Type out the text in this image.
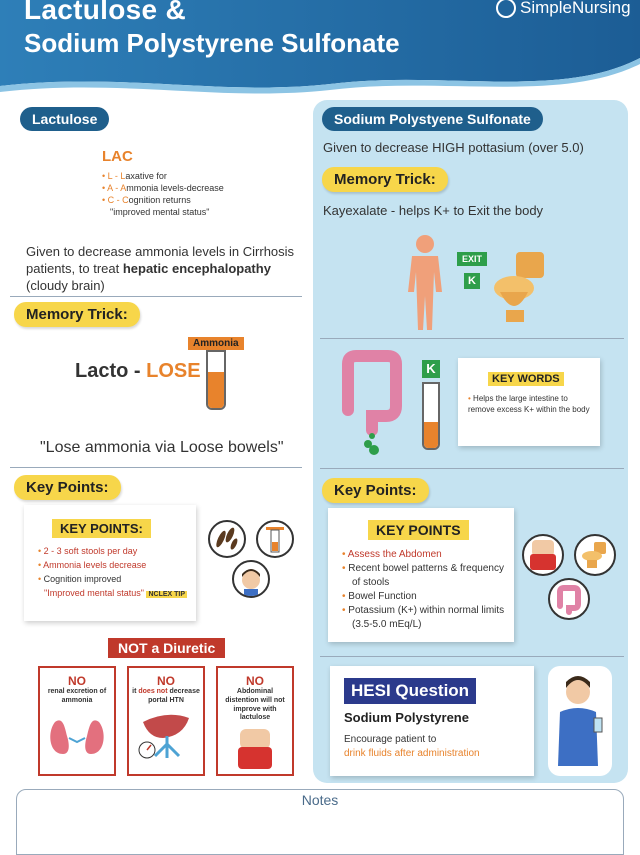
Lactulose &
Sodium Polystyrene Sulfonate
SimpleNursing
Lactulose
LAC
• L - Laxative for
• A - Ammonia levels-decrease
• C - Cognition returns
"improved mental status"
Given to decrease ammonia levels in Cirrhosis patients, to treat hepatic encephalopathy (cloudy brain)
Memory Trick:
Lacto - LOSE
Ammonia
"Lose ammonia via Loose bowels"
Key Points:
KEY POINTS:
• 2 - 3 soft stools per day
• Ammonia levels decrease
• Cognition improved
"Improved mental status" NCLEX TIP
NOT a Diuretic
NO
renal excretion of ammonia
NO
it does not decrease portal HTN
NO
Abdominal distention will not improve with lactulose
Sodium Polystyene Sulfonate
Given to decrease HIGH pottasium (over 5.0)
Memory Trick:
Kayexalate - helps K+ to Exit the body
EXIT
K
K
KEY WORDS
• Helps the large intestine to remove excess K+ within the body
Key Points:
KEY POINTS
• Assess the Abdomen
• Recent bowel patterns & frequency of stools
• Bowel Function
• Potassium (K+) within normal limits (3.5-5.0 mEq/L)
HESI Question
Sodium Polystyrene
Encourage patient to
drink fluids after administration
Notes
